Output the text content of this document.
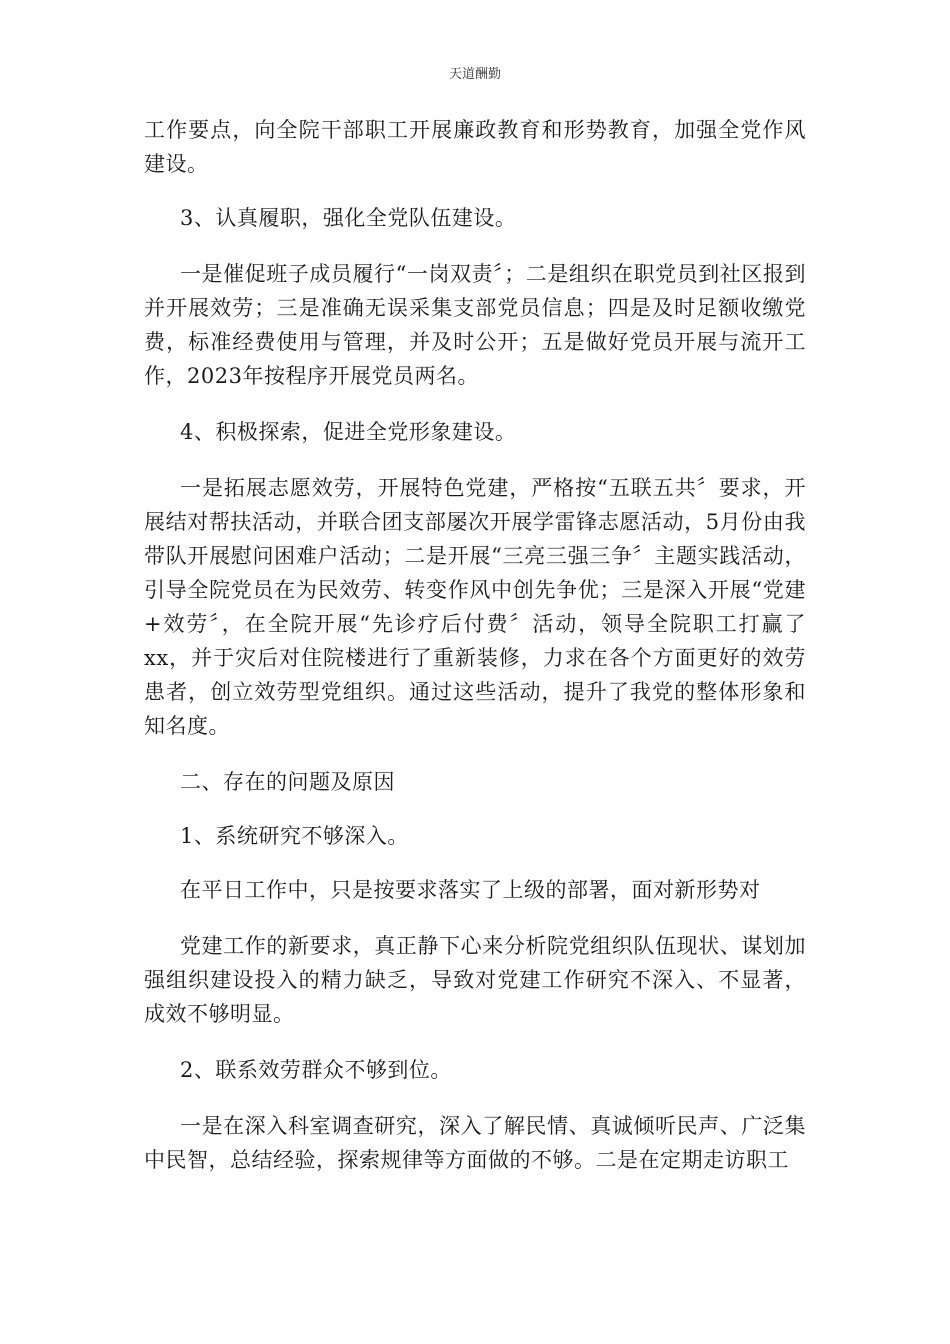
天道酬勤

工作要点，向全院干部职工开展廉政教育和形势教育，加强全党作风建设。

3、认真履职，强化全党队伍建设。

一是催促班子成员履行“一岗双责〞；二是组织在职党员到社区报到并开展效劳；三是准确无误采集支部党员信息；四是及时足额收缴党费，标准经费使用与管理，并及时公开；五是做好党员开展与流开工作，2023年按程序开展党员两名。

4、积极探索，促进全党形象建设。

一是拓展志愿效劳，开展特色党建，严格按“五联五共〞要求，开展结对帮扶活动，并联合团支部屡次开展学雷锋志愿活动，5月份由我带队开展慰问困难户活动；二是开展“三亮三强三争〞主题实践活动，引导全院党员在为民效劳、转变作风中创先争优；三是深入开展“党建+效劳〞，在全院开展“先诊疗后付费〞活动，领导全院职工打赢了xx，并于灾后对住院楼进行了重新装修，力求在各个方面更好的效劳患者，创立效劳型党组织。通过这些活动，提升了我党的整体形象和知名度。

二、存在的问题及原因

1、系统研究不够深入。

在平日工作中，只是按要求落实了上级的部署，面对新形势对

党建工作的新要求，真正静下心来分析院党组织队伍现状、谋划加强组织建设投入的精力缺乏，导致对党建工作研究不深入、不显著，成效不够明显。

2、联系效劳群众不够到位。

一是在深入科室调查研究，深入了解民情、真诚倾听民声、广泛集中民智，总结经验，探索规律等方面做的不够。二是在定期走访职工
